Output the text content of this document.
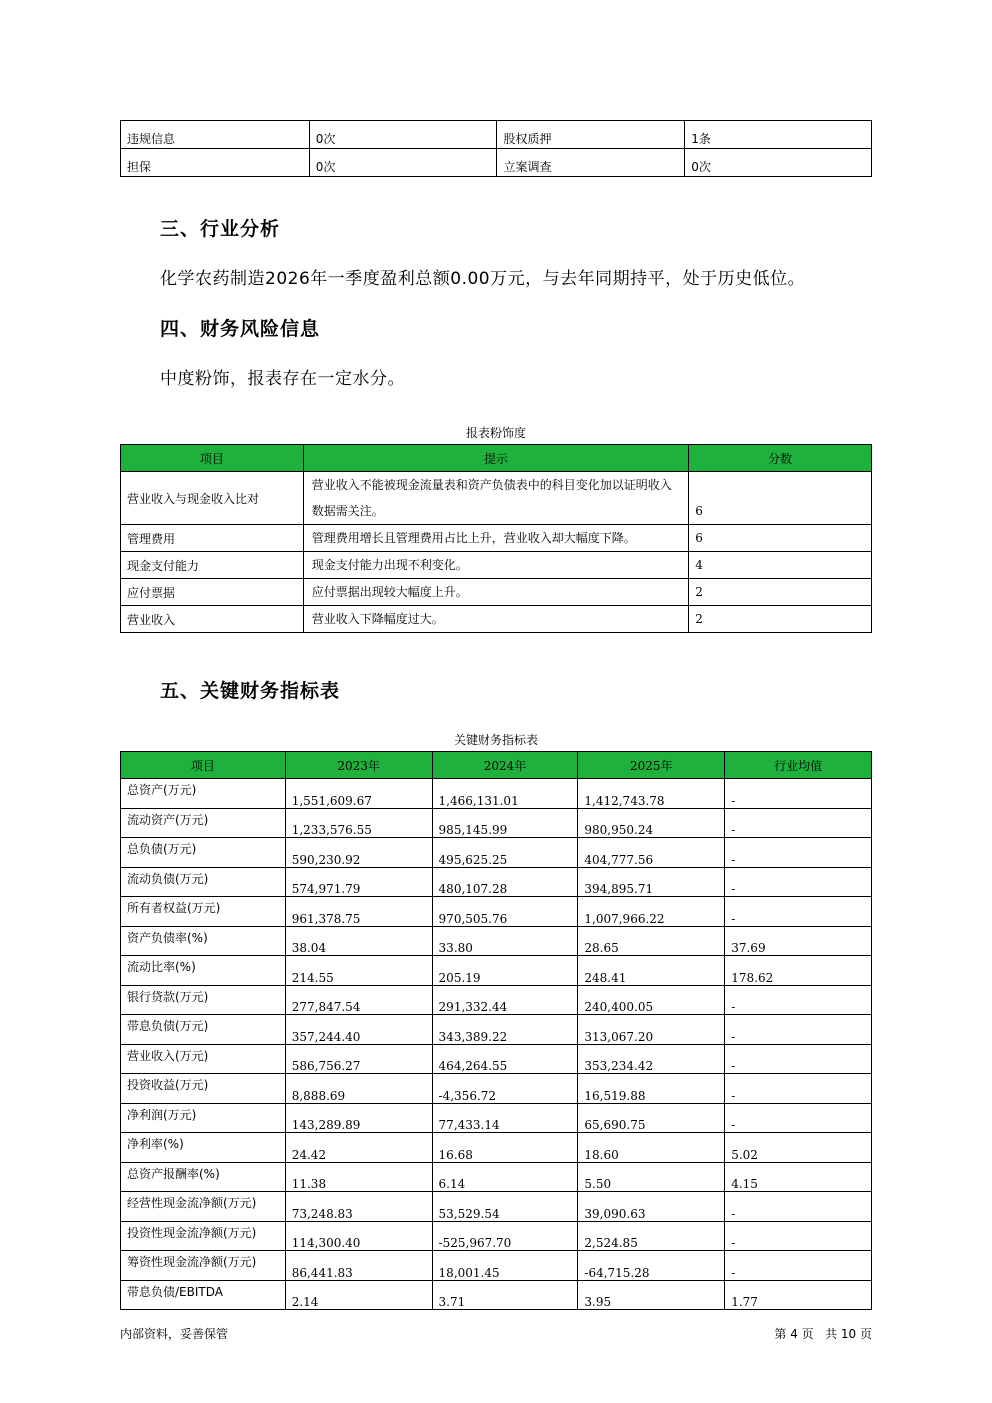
违规信息	0次	股权质押	1条
担保	0次	立案调查	0次
三、行业分析
化学农药制造2026年一季度盈利总额0.00万元，与去年同期持平，处于历史低位。
四、财务风险信息
中度粉饰，报表存在一定水分。
报表粉饰度
项目	提示	分数
营业收入与现金收入比对	营业收入不能被现金流量表和资产负债表中的科目变化加以证明收入数据需关注。	6
管理费用	管理费用增长且管理费用占比上升，营业收入却大幅度下降。	6
现金支付能力	现金支付能力出现不利变化。	4
应付票据	应付票据出现较大幅度上升。	2
营业收入	营业收入下降幅度过大。	2
五、关键财务指标表
关键财务指标表
项目	2023年	2024年	2025年	行业均值
总资产(万元)	1,551,609.67	1,466,131.01	1,412,743.78	-
流动资产(万元)	1,233,576.55	985,145.99	980,950.24	-
总负债(万元)	590,230.92	495,625.25	404,777.56	-
流动负债(万元)	574,971.79	480,107.28	394,895.71	-
所有者权益(万元)	961,378.75	970,505.76	1,007,966.22	-
资产负债率(%)	38.04	33.80	28.65	37.69
流动比率(%)	214.55	205.19	248.41	178.62
银行贷款(万元)	277,847.54	291,332.44	240,400.05	-
带息负债(万元)	357,244.40	343,389.22	313,067.20	-
营业收入(万元)	586,756.27	464,264.55	353,234.42	-
投资收益(万元)	8,888.69	-4,356.72	16,519.88	-
净利润(万元)	143,289.89	77,433.14	65,690.75	-
净利率(%)	24.42	16.68	18.60	5.02
总资产报酬率(%)	11.38	6.14	5.50	4.15
经营性现金流净额(万元)	73,248.83	53,529.54	39,090.63	-
投资性现金流净额(万元)	114,300.40	-525,967.70	2,524.85	-
筹资性现金流净额(万元)	86,441.83	18,001.45	-64,715.28	-
带息负债/EBITDA	2.14	3.71	3.95	1.77
内部资料，妥善保管	第 4 页   共 10 页
